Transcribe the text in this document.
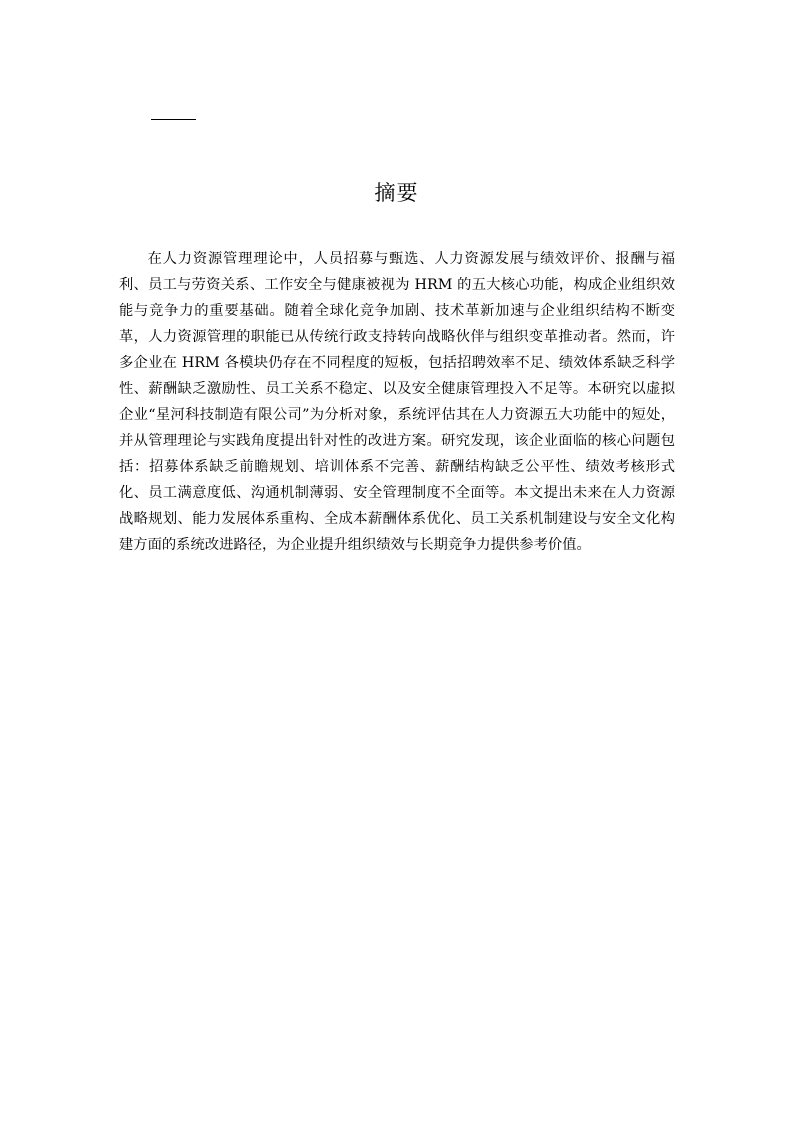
摘要

在人力资源管理理论中，人员招募与甄选、人力资源发展与绩效评价、报酬与福利、员工与劳资关系、工作安全与健康被视为 HRM 的五大核心功能，构成企业组织效能与竞争力的重要基础。随着全球化竞争加剧、技术革新加速与企业组织结构不断变革，人力资源管理的职能已从传统行政支持转向战略伙伴与组织变革推动者。然而，许多企业在 HRM 各模块仍存在不同程度的短板，包括招聘效率不足、绩效体系缺乏科学性、薪酬缺乏激励性、员工关系不稳定、以及安全健康管理投入不足等。本研究以虚拟企业“星河科技制造有限公司”为分析对象，系统评估其在人力资源五大功能中的短处，并从管理理论与实践角度提出针对性的改进方案。研究发现，该企业面临的核心问题包括：招募体系缺乏前瞻规划、培训体系不完善、薪酬结构缺乏公平性、绩效考核形式化、员工满意度低、沟通机制薄弱、安全管理制度不全面等。本文提出未来在人力资源战略规划、能力发展体系重构、全成本薪酬体系优化、员工关系机制建设与安全文化构建方面的系统改进路径，为企业提升组织绩效与长期竞争力提供参考价值。
